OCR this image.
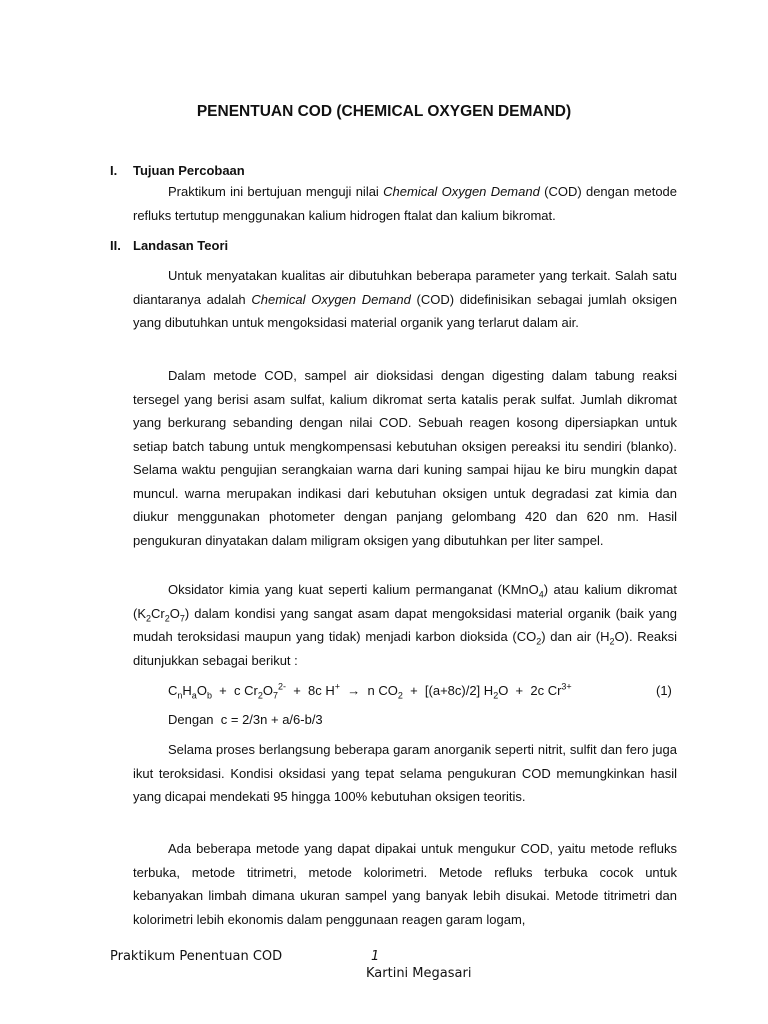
PENENTUAN COD (CHEMICAL OXYGEN DEMAND)
I. Tujuan Percobaan
Praktikum ini bertujuan menguji nilai Chemical Oxygen Demand (COD) dengan metode refluks tertutup menggunakan kalium hidrogen ftalat dan kalium bikromat.
II. Landasan Teori
Untuk menyatakan kualitas air dibutuhkan beberapa parameter yang terkait. Salah satu diantaranya adalah Chemical Oxygen Demand (COD) didefinisikan sebagai jumlah oksigen yang dibutuhkan untuk mengoksidasi material organik yang terlarut dalam air.
Dalam metode COD, sampel air dioksidasi dengan digesting dalam tabung reaksi tersegel yang berisi asam sulfat, kalium dikromat serta katalis perak sulfat. Jumlah dikromat yang berkurang sebanding dengan nilai COD. Sebuah reagen kosong dipersiapkan untuk setiap batch tabung untuk mengkompensasi kebutuhan oksigen pereaksi itu sendiri (blanko). Selama waktu pengujian serangkaian warna dari kuning sampai hijau ke biru mungkin dapat muncul. warna merupakan indikasi dari kebutuhan oksigen untuk degradasi zat kimia dan diukur menggunakan photometer dengan panjang gelombang 420 dan 620 nm. Hasil pengukuran dinyatakan dalam miligram oksigen yang dibutuhkan per liter sampel.
Oksidator kimia yang kuat seperti kalium permanganat (KMnO$_4$) atau kalium dikromat $(K_2Cr_2O_7)$ dalam kondisi yang sangat asam dapat mengoksidasi material organik (baik yang mudah teroksidasi maupun yang tidak) menjadi karbon dioksida $(CO_2)$ dan air $(H_2O)$. Reaksi ditunjukkan sebagai berikut :
$C_nH_aO_b + c$ $Cr_2O_7^{2-} + 8c$ H+  →  n $CO_2 + [(a+8c)/2] H_2O + 2c$ $Cr^{3+}$	(1)
Dengan  c = 2/3n + a/6-b/3
Selama proses berlangsung beberapa garam anorganik seperti nitrit, sulfit dan fero juga ikut teroksidasi. Kondisi oksidasi yang tepat selama pengukuran COD memungkinkan hasil yang dicapai mendekati 95 hingga 100% kebutuhan oksigen teoritis.
Ada beberapa metode yang dapat dipakai untuk mengukur COD, yaitu metode refluks terbuka, metode titrimetri, metode kolorimetri. Metode refluks terbuka cocok untuk kebanyakan limbah dimana ukuran sampel yang banyak lebih disukai. Metode titrimetri dan kolorimetri lebih ekonomis dalam penggunaan reagen garam logam,
Praktikum Penentuan COD	1
Kartini Megasari
